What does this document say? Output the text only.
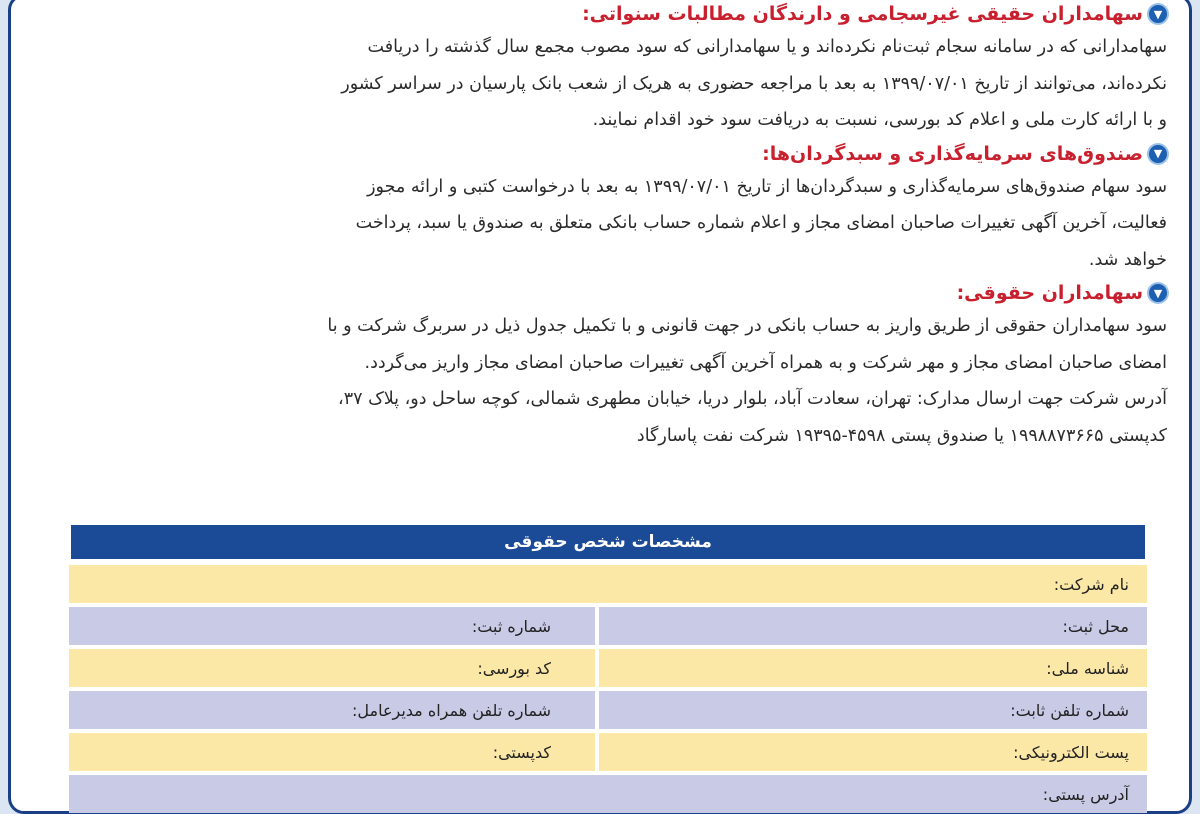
▼
سهامداران حقیقی غیرسجامی و دارندگان مطالبات سنواتی:

سهامدارانی که در سامانه سجام ثبت‌نام نکرده‌اند و یا سهامدارانی که سود مصوب مجمع سال گذشته را دریافت
نکرده‌اند، می‌توانند از تاریخ ۱۳۹۹/۰۷/۰۱ به بعد با مراجعه حضوری به هریک از شعب بانک پارسیان در سراسر کشور
و با ارائه کارت ملی و اعلام کد بورسی، نسبت به دریافت سود خود اقدام نمایند.

▼
صندوق‌های سرمایه‌گذاری و سبدگردان‌ها:

سود سهام صندوق‌های سرمایه‌گذاری و سبدگردان‌ها از تاریخ ۱۳۹۹/۰۷/۰۱ به بعد با درخواست کتبی و ارائه مجوز
فعالیت، آخرین آگهی تغییرات صاحبان امضای مجاز و اعلام شماره حساب بانکی متعلق به صندوق یا سبد، پرداخت
خواهد شد.

▼
سهامداران حقوقی:

سود سهامداران حقوقی از طریق واریز به حساب بانکی در جهت قانونی و با تکمیل جدول ذیل در سربرگ شرکت و با
امضای صاحبان امضای مجاز و مهر شرکت و به همراه آخرین آگهی تغییرات صاحبان امضای مجاز واریز می‌گردد.
آدرس شرکت جهت ارسال مدارک: تهران، سعادت آباد، بلوار دریا، خیابان مطهری شمالی، کوچه ساحل دو، پلاک ۳۷،
کدپستی ۱۹۹۸۸۷۳۶۶۵ یا صندوق پستی ۴۵۹۸-۱۹۳۹۵ شرکت نفت پاسارگاد

مشخصات شخص حقوقی
نام شرکت:
محل ثبت:
شماره ثبت:
شناسه ملی:
کد بورسی:
شماره تلفن ثابت:
شماره تلفن همراه مدیرعامل:
پست الکترونیکی:
کدپستی:
آدرس پستی:
